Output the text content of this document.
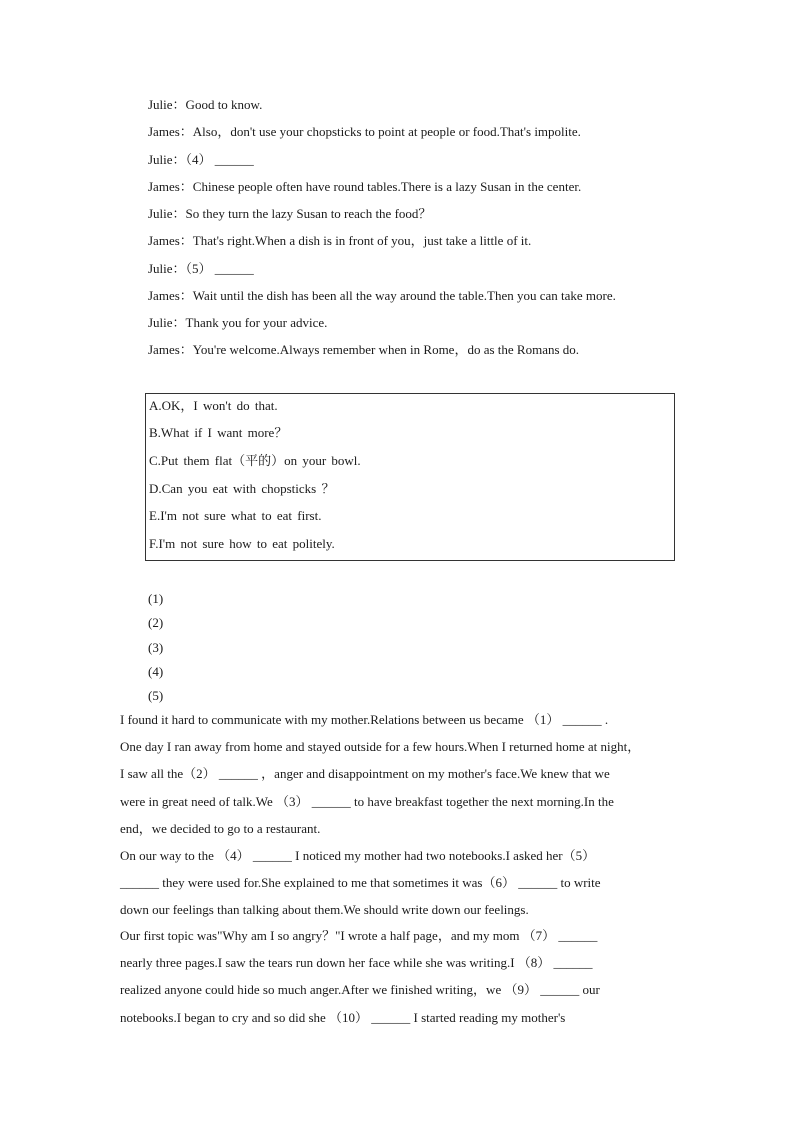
Julie：Good to know.
James：Also，don't use your chopsticks to point at people or food.That's impolite.
Julie：（4） ______
James：Chinese people often have round tables.There is a lazy Susan in the center.
Julie：So they turn the lazy Susan to reach the food？
James：That's right.When a dish is in front of you，just take a little of it.
Julie：（5） ______
James：Wait until the dish has been all the way around the table.Then you can take more.
Julie：Thank you for your advice.
James：You're welcome.Always remember when in Rome，do as the Romans do.
A.OK，I won't do that.
B.What if I want more？
C.Put them flat（平的）on your bowl.
D.Can you eat with chopsticks ？
E.I'm not sure what to eat first.
F.I'm not sure how to eat politely.
(1)
(2)
(3)
(4)
(5)
I found it hard to communicate with my mother.Relations between us became （1） ______ .
One day I ran away from home and stayed outside for a few hours.When I returned home at night，
I saw all the（2） ______ ，anger and disappointment on my mother's face.We knew that we
were in great need of talk.We （3） ______ to have breakfast together the next morning.In the
end，we decided to go to a restaurant.
On our way to the （4） ______ I noticed my mother had two notebooks.I asked her（5）
______ they were used for.She explained to me that sometimes it was（6） ______ to write
down our feelings than talking about them.We should write down our feelings.
Our first topic was"Why am I so angry？"I wrote a half page，and my mom （7） ______
nearly three pages.I saw the tears run down her face while she was writing.I （8） ______
realized anyone could hide so much anger.After we finished writing，we （9） ______ our
notebooks.I began to cry and so did she （10） ______ I started reading my mother's
